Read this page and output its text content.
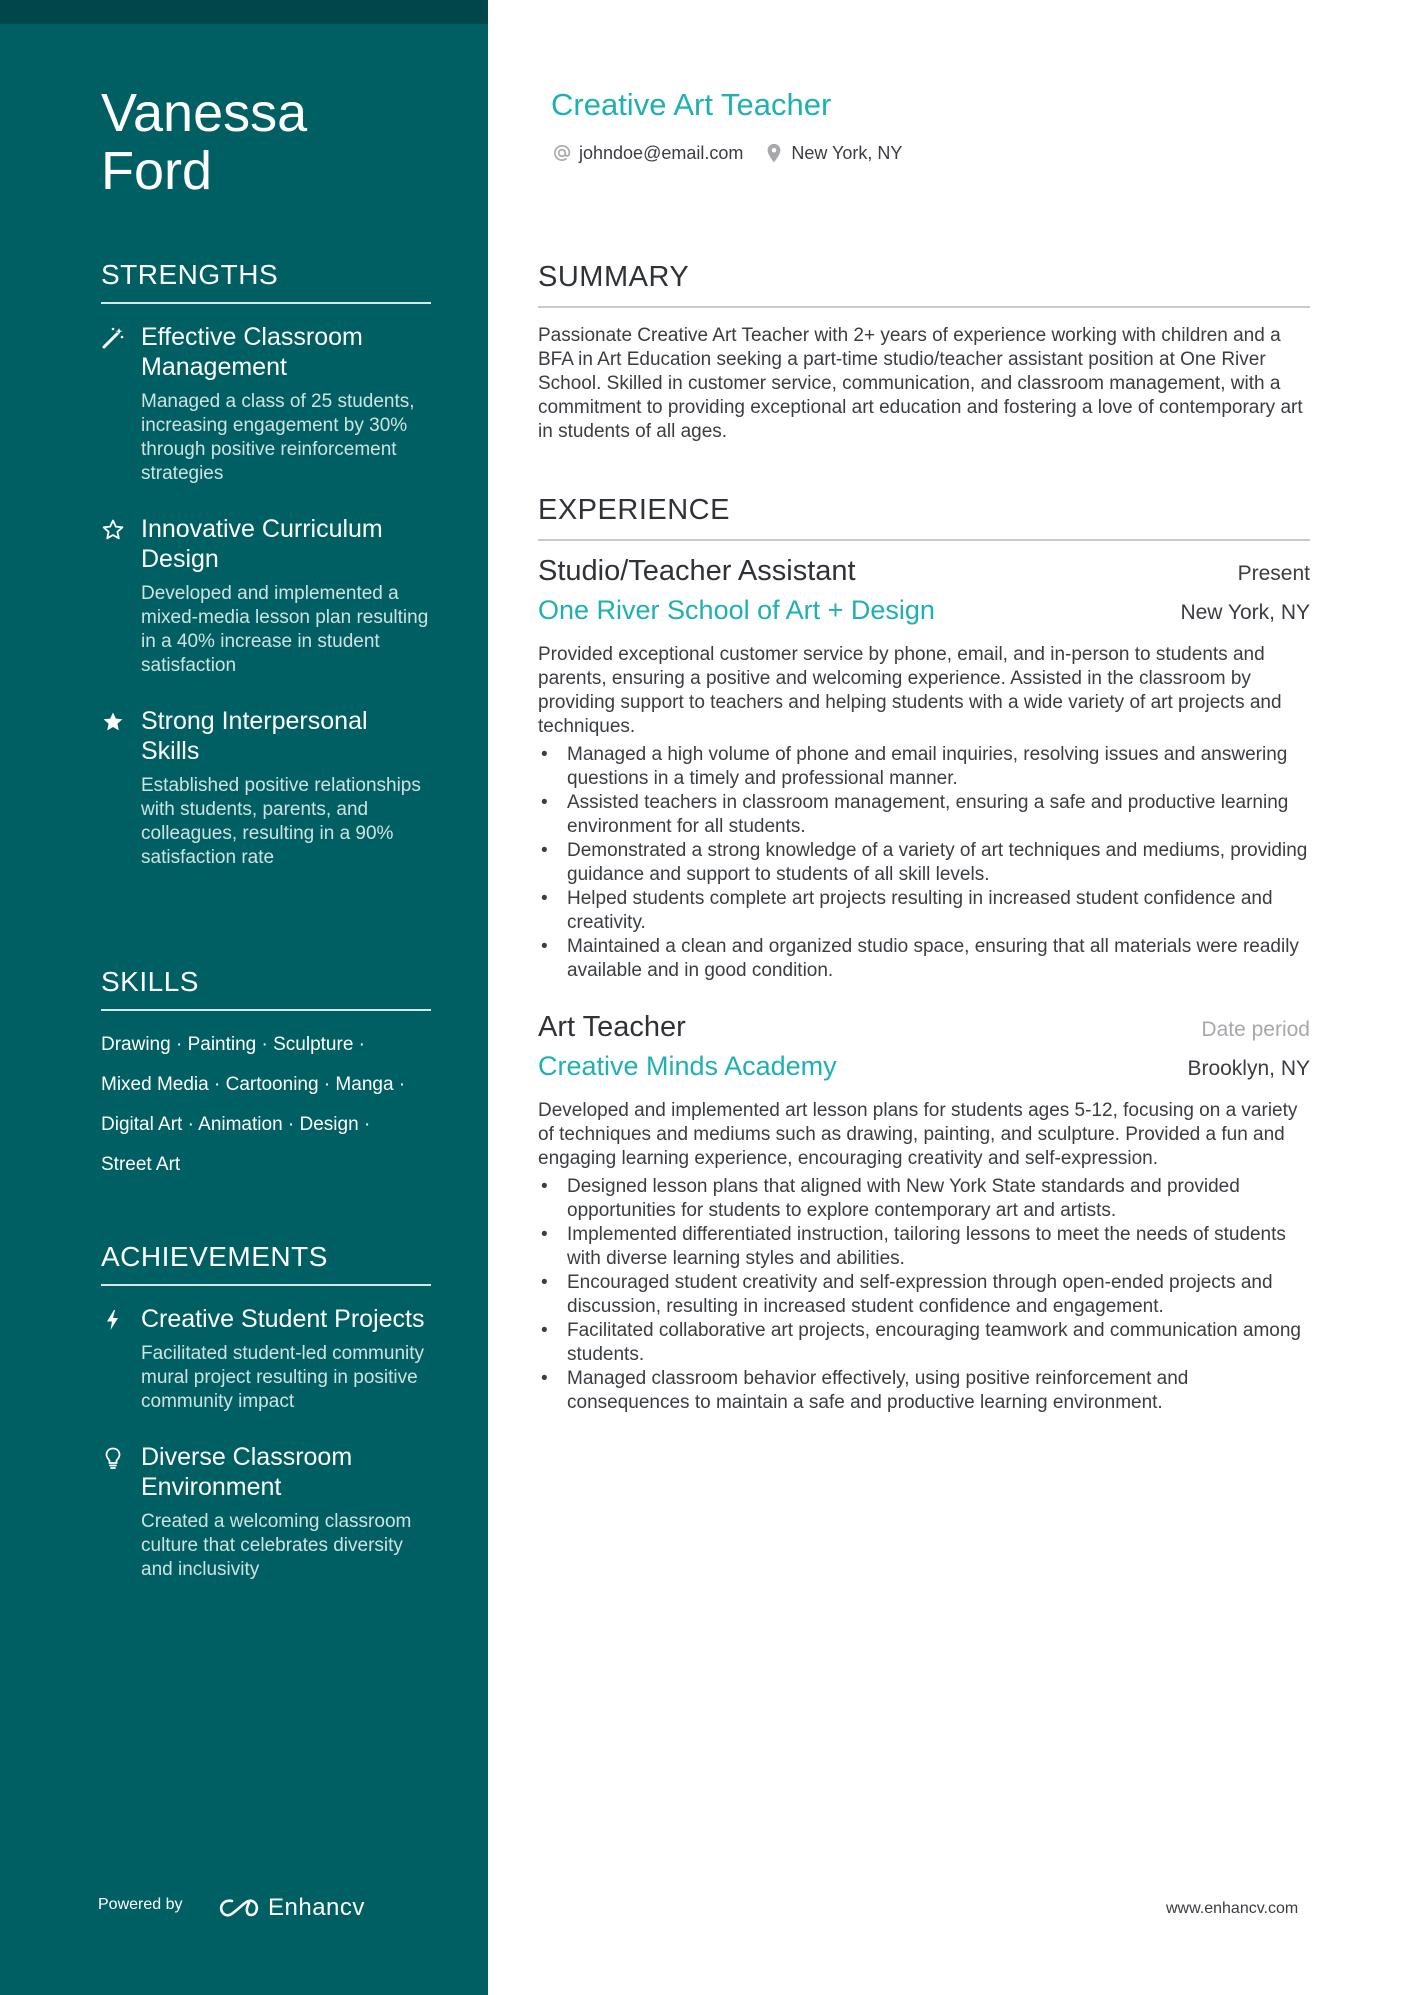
Vanessa
Ford
STRENGTHS

Effective Classroom Management

Managed a class of 25 students, increasing engagement by 30% through positive reinforcement strategies

Innovative Curriculum Design

Developed and implemented a mixed-media lesson plan resulting in a 40% increase in student satisfaction

Strong Interpersonal Skills

Established positive relationships with students, parents, and colleagues, resulting in a 90% satisfaction rate

SKILLS

Drawing · Painting · Sculpture ·

Mixed Media · Cartooning · Manga ·

Digital Art · Animation · Design ·

Street Art

ACHIEVEMENTS

Creative Student Projects

Facilitated student-led community mural project resulting in positive community impact

Diverse Classroom Environment

Created a welcoming classroom culture that celebrates diversity and inclusivity

Powered by	Enhancv
Creative Art Teacher
johndoe@email.com	New York, NY
SUMMARY

Passionate Creative Art Teacher with 2+ years of experience working with children and a BFA in Art Education seeking a part-time studio/teacher assistant position at One River School. Skilled in customer service, communication, and classroom management, with a commitment to providing exceptional art education and fostering a love of contemporary art in students of all ages.

EXPERIENCE

Studio/Teacher Assistant	Present

One River School of Art + Design	New York, NY

Provided exceptional customer service by phone, email, and in-person to students and parents, ensuring a positive and welcoming experience. Assisted in the classroom by providing support to teachers and helping students with a wide variety of art projects and techniques.

• Managed a high volume of phone and email inquiries, resolving issues and answering questions in a timely and professional manner.
• Assisted teachers in classroom management, ensuring a safe and productive learning environment for all students.
• Demonstrated a strong knowledge of a variety of art techniques and mediums, providing guidance and support to students of all skill levels.
• Helped students complete art projects resulting in increased student confidence and creativity.
• Maintained a clean and organized studio space, ensuring that all materials were readily available and in good condition.

Art Teacher	Date period

Creative Minds Academy	Brooklyn, NY

Developed and implemented art lesson plans for students ages 5-12, focusing on a variety of techniques and mediums such as drawing, painting, and sculpture. Provided a fun and engaging learning experience, encouraging creativity and self-expression.

• Designed lesson plans that aligned with New York State standards and provided opportunities for students to explore contemporary art and artists.
• Implemented differentiated instruction, tailoring lessons to meet the needs of students with diverse learning styles and abilities.
• Encouraged student creativity and self-expression through open-ended projects and discussion, resulting in increased student confidence and engagement.
• Facilitated collaborative art projects, encouraging teamwork and communication among students.
• Managed classroom behavior effectively, using positive reinforcement and consequences to maintain a safe and productive learning environment.
www.enhancv.com
